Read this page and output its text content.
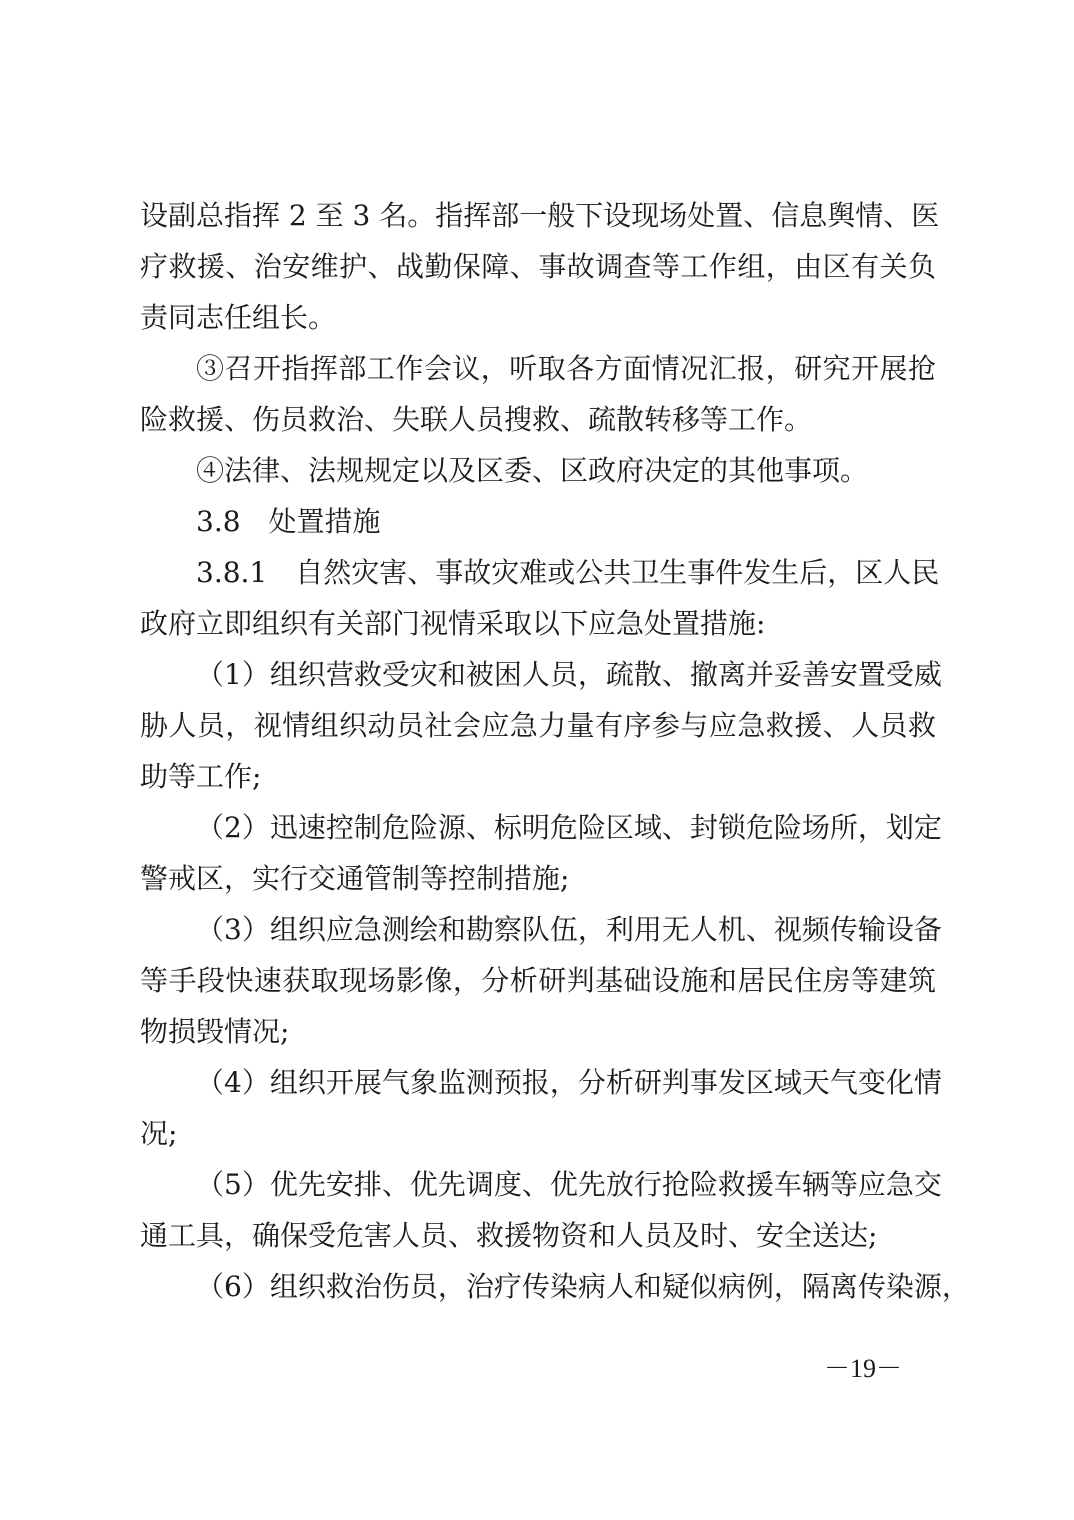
设副总指挥 2 至 3 名。指挥部一般下设现场处置、信息舆情、医
疗救援、治安维护、战勤保障、事故调查等工作组，由区有关负
责同志任组长。
③召开指挥部工作会议，听取各方面情况汇报，研究开展抢
险救援、伤员救治、失联人员搜救、疏散转移等工作。
④法律、法规规定以及区委、区政府决定的其他事项。
3.8　处置措施
3.8.1　自然灾害、事故灾难或公共卫生事件发生后，区人民
政府立即组织有关部门视情采取以下应急处置措施:
（1）组织营救受灾和被困人员，疏散、撤离并妥善安置受威
胁人员，视情组织动员社会应急力量有序参与应急救援、人员救
助等工作;
（2）迅速控制危险源、标明危险区域、封锁危险场所，划定
警戒区，实行交通管制等控制措施;
（3）组织应急测绘和勘察队伍，利用无人机、视频传输设备
等手段快速获取现场影像，分析研判基础设施和居民住房等建筑
物损毁情况;
（4）组织开展气象监测预报，分析研判事发区域天气变化情
况;
（5）优先安排、优先调度、优先放行抢险救援车辆等应急交
通工具，确保受危害人员、救援物资和人员及时、安全送达;
（6）组织救治伤员，治疗传染病人和疑似病例，隔离传染源，
－19－
